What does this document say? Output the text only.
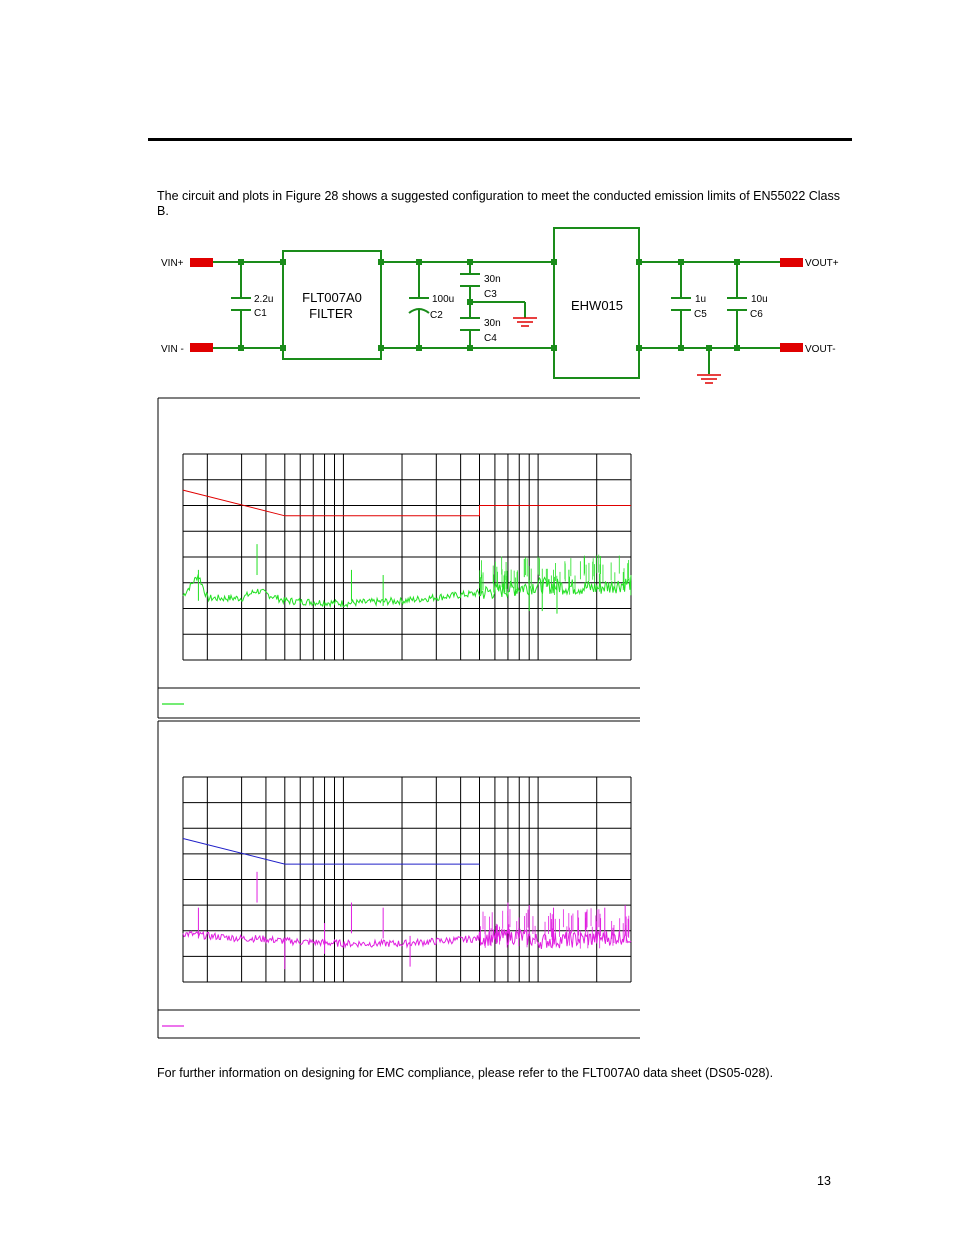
The circuit and plots in Figure 28 shows a suggested configuration to meet the conducted emission limits of EN55022 Class B.

VIN+
VIN -
VOUT+
VOUT-
2.2u
C1
100u
C2
30n
C3
30n
C4
1u
C5
10u
C6
FLT007A0
FILTER
EHW015

For further information on designing for EMC compliance, please refer to the FLT007A0 data sheet (DS05-028).

13
